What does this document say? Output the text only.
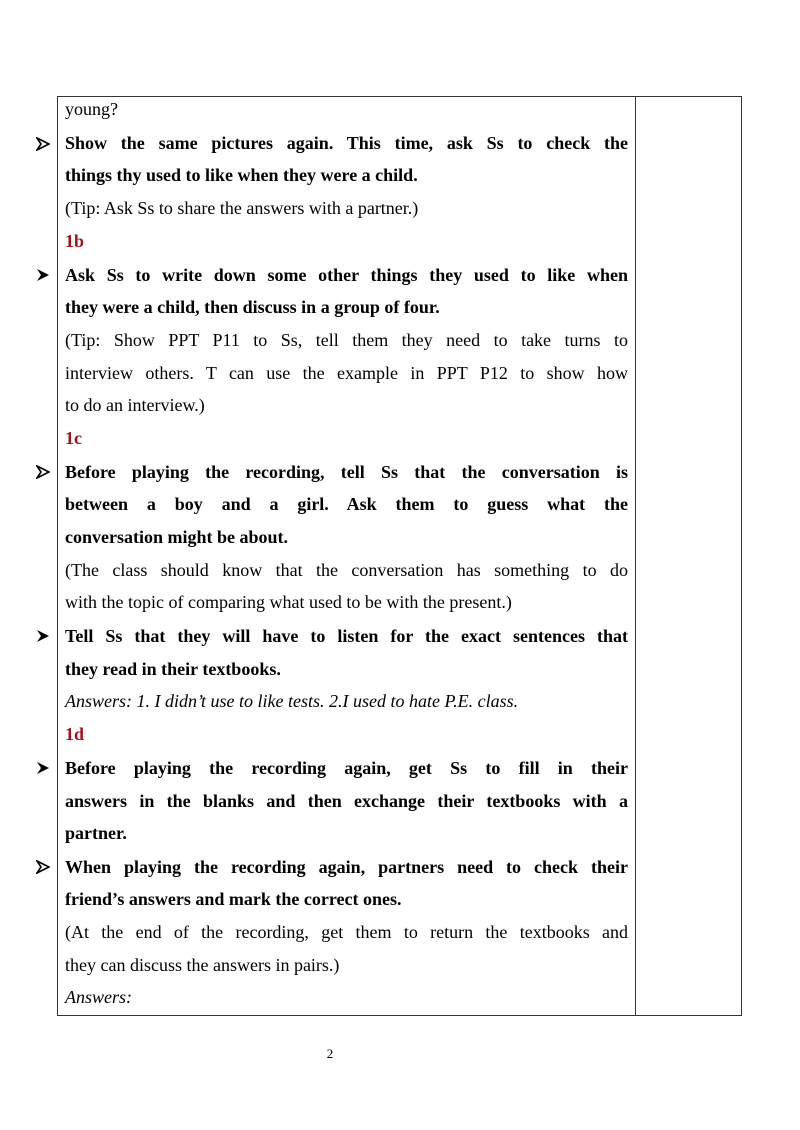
young?
Show the same pictures again. This time, ask Ss to check the
things thy used to like when they were a child.
(Tip: Ask Ss to share the answers with a partner.)
1b
Ask Ss to write down some other things they used to like when
they were a child, then discuss in a group of four.
(Tip: Show PPT P11 to Ss, tell them they need to take turns to
interview others. T can use the example in PPT P12 to show how
to do an interview.)
1c
Before playing the recording, tell Ss that the conversation is
between a boy and a girl. Ask them to guess what the
conversation might be about.
(The class should know that the conversation has something to do
with the topic of comparing what used to be with the present.)
Tell Ss that they will have to listen for the exact sentences that
they read in their textbooks.
Answers: 1. I didn’t use to like tests. 2.I used to hate P.E. class.
1d
Before playing the recording again, get Ss to fill in their
answers in the blanks and then exchange their textbooks with a
partner.
When playing the recording again, partners need to check their
friend’s answers and mark the correct ones.
(At the end of the recording, get them to return the textbooks and
they can discuss the answers in pairs.)
Answers:
2
